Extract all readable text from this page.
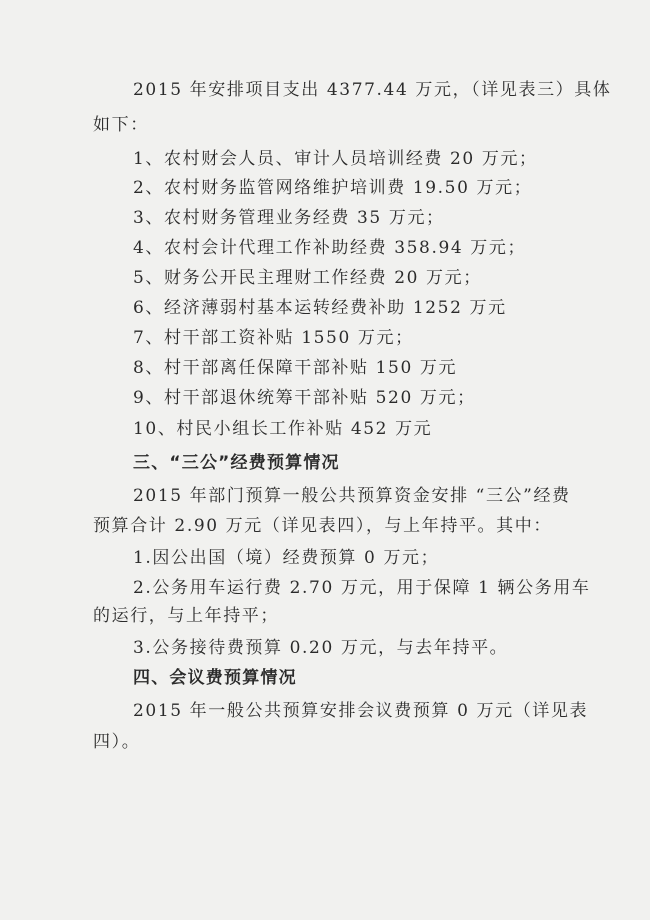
2015 年安排项目支出 4377.44 万元，（详见表三）具体
如下：
1、农村财会人员、审计人员培训经费 20 万元；
2、农村财务监管网络维护培训费 19.50 万元；
3、农村财务管理业务经费 35 万元；
4、农村会计代理工作补助经费 358.94 万元；
5、财务公开民主理财工作经费 20 万元；
6、经济薄弱村基本运转经费补助 1252 万元
7、村干部工资补贴 1550 万元；
8、村干部离任保障干部补贴 150 万元
9、村干部退休统筹干部补贴 520 万元；
10、村民小组长工作补贴 452 万元
三、“三公”经费预算情况
2015 年部门预算一般公共预算资金安排 “三公”经费
预算合计 2.90 万元（详见表四），与上年持平。其中：
1.因公出国（境）经费预算 0 万元；
2.公务用车运行费 2.70 万元，用于保障 1 辆公务用车
的运行，与上年持平；
3.公务接待费预算 0.20 万元，与去年持平。
四、会议费预算情况
2015 年一般公共预算安排会议费预算 0 万元（详见表
四）。
